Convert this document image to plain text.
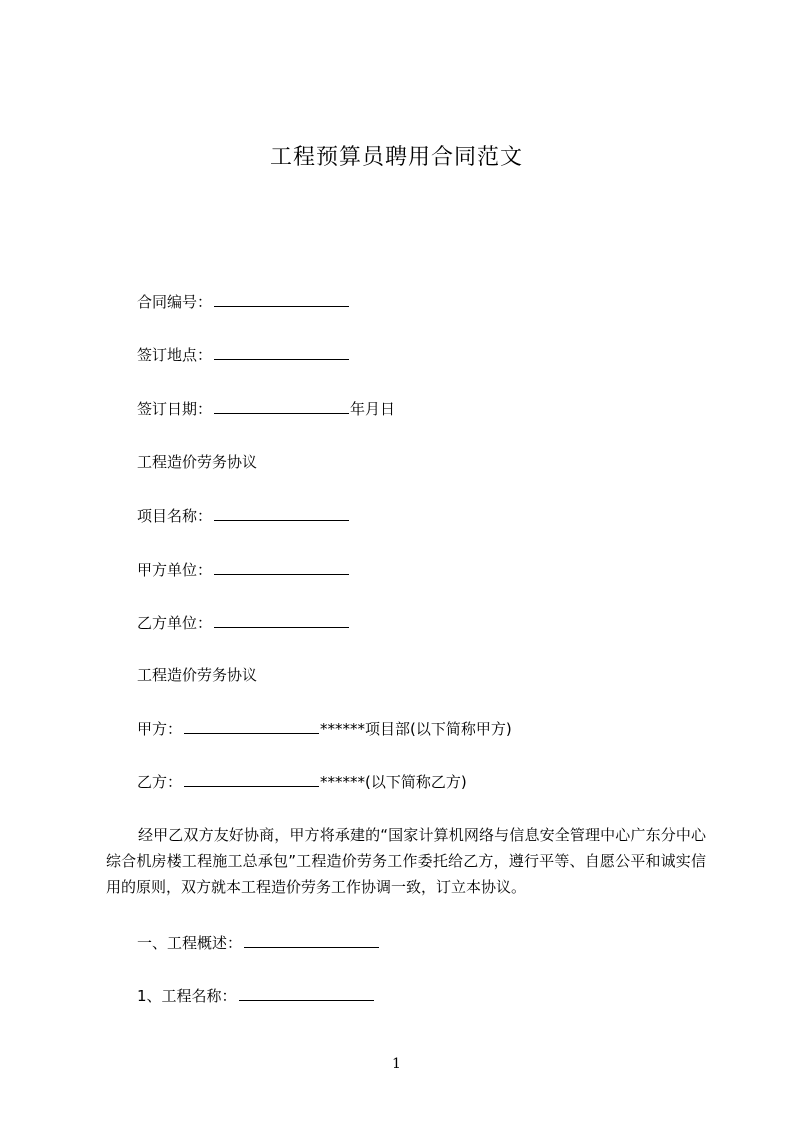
工程预算员聘用合同范文
合同编号：
签订地点：
签订日期：	年月日
工程造价劳务协议
项目名称：
甲方单位：
乙方单位：
工程造价劳务协议
甲方：	******项目部(以下简称甲方)
乙方：	******(以下简称乙方)
经甲乙双方友好协商，甲方将承建的“国家计算机网络与信息安全管理中心广东分中心综合机房楼工程施工总承包”工程造价劳务工作委托给乙方，遵行平等、自愿公平和诚实信用的原则，双方就本工程造价劳务工作协调一致，订立本协议。
一、工程概述：
1、工程名称：
1
